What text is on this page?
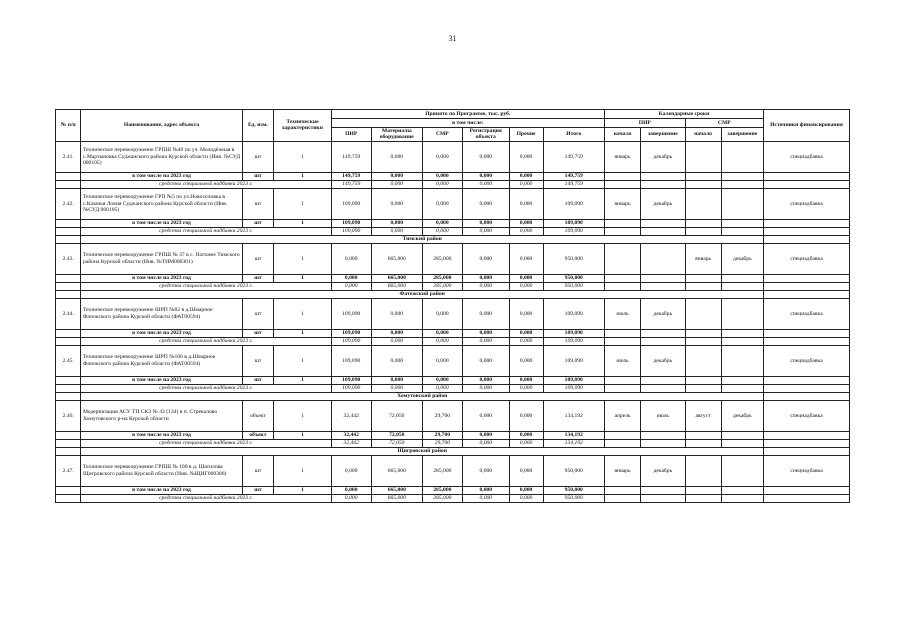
31
№ п/п	Наименование, адрес объекта	Ед. изм.	Технические характеристики	Принято по Программе, тыс. руб.						Календарные сроки				Источники финансирования
				в том числе:						ПИР		СМР		
				ПИР	Материалы оборудование	СМР	Регистрация объекта	Прочие	Итого	начало	завершение	начало	завершение	
2.41.	Техническое перевооружение ГРПШ №40 по ул. Молодёжная в с.Мартыновка Суджанского района Курской области (Инв. №СУД 000105)	шт	1	149,759	0,000	0,000	0,000	0,000	149,759	январь	декабрь			спецнадбавка
	в том числе на 2023 год	шт	1	149,759	0,000	0,000	0,000	0,000	149,759					
	средства специальной надбавки 2023 г.			149,759	0,000	0,000	0,000	0,000	149,759					
2.42.	Техническое перевооружение ГРП №5 по ул.Новоселовка в с.Казачья Локня Суджанского района Курской области (Инв. №СУД 000105)	шт	1	109,090	0,000	0,000	0,000	0,000	109,090	январь	декабрь			спецнадбавка
	в том числе на 2023 год	шт	1	109,090	0,000	0,000	0,000	0,000	109,090					
	средства специальной надбавки 2023 г.			109,090	0,000	0,000	0,000	0,000	109,090					
	Тимский район													
2.43.	Техническое перевооружение ГРПШ № 37 в с. Погожее Тимского района Курской области (Инв. №ТИМ000301)	шт	1	0,000	665,000	285,000	0,000	0,000	950,000			январь	декабрь	спецнадбавка
	в том числе на 2023 год	шт	1	0,000	665,000	285,000	0,000	0,000	950,000					
	средства специальной надбавки 2023 г.			0,000	665,000	285,000	0,000	0,000	950,000					
	Фатежский район													
2.44.	Техническое перевооружение ШРП №82 в д.Шмарное Фатежского района Курской области (ФАТ00594)	шт	1	109,090	0,000	0,000	0,000	0,000	109,090	июль	декабрь			спецнадбавка
	в том числе на 2023 год	шт	1	109,090	0,000	0,000	0,000	0,000	109,090					
	средства специальной надбавки 2023 г.			109,090	0,000	0,000	0,000	0,000	109,090					
2.45.	Техническое перевооружение ШРП №106 в д.Шмарное Фатежского района Курской области (ФАТ00594)	шт	1	109,090	0,000	0,000	0,000	0,000	109,090	июль	декабрь			спецнадбавка
	в том числе на 2023 год	шт	1	109,090	0,000	0,000	0,000	0,000	109,090					
	средства специальной надбавки 2023 г.			109,090	0,000	0,000	0,000	0,000	109,090					
	Хомутовский район													
2.46.	Модернизация АСУ ТП СКЗ № 43 (134) в п. Стрекалово Хомутовского р-на Курской области	объект	1	32,442	72,050	29,700	0,000	0,000	134,192	апрель	июль	август	декабрь	спецнадбавка
	в том числе на 2023 год	объект	1	32,442	72,050	29,700	0,000	0,000	134,192					
	средства специальной надбавки 2023 г.			32,442	72,050	29,700	0,000	0,000	134,192					
	Щигровский район													
2.47.	Техническое перевооружение ГРПШ № 100 в д. Шатилова Щигровского района Курской области (Инв. №ЩИГ000386)	шт	1	0,000	665,000	285,000	0,000	0,000	950,000	январь	декабрь			спецнадбавка
	в том числе на 2023 год	шт	1	0,000	665,000	285,000	0,000	0,000	950,000					
	средства специальной надбавки 2023 г.			0,000	665,000	285,000	0,000	0,000	950,000					
